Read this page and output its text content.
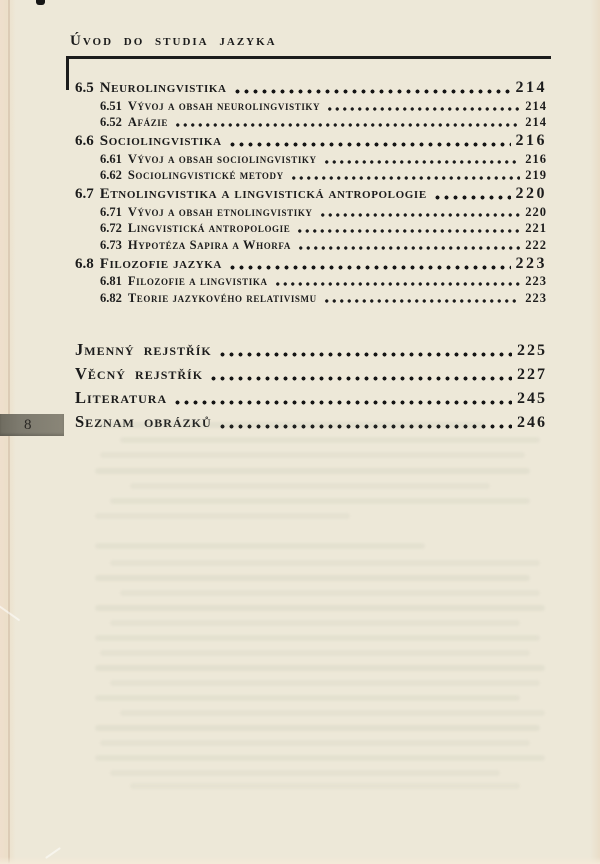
Úvod do studia jazyka
6.5 Neurolingvistika	214
6.51 Vývoj a obsah neurolingvistiky	214
6.52 Afázie	214
6.6 Sociolingvistika	216
6.61 Vývoj a obsah sociolingvistiky	216
6.62 Sociolingvistické metody	219
6.7 Etnolingvistika a lingvistická antropologie	220
6.71 Vývoj a obsah etnolingvistiky	220
6.72 Lingvistická antropologie	221
6.73 Hypotéza Sapira a Whorfa	222
6.8 Filozofie jazyka	223
6.81 Filozofie a lingvistika	223
6.82 Teorie jazykového relativismu	223
Jmenný rejstřík	225
Věcný rejstřík	227
Literatura	245
Seznam obrázků	246
8
